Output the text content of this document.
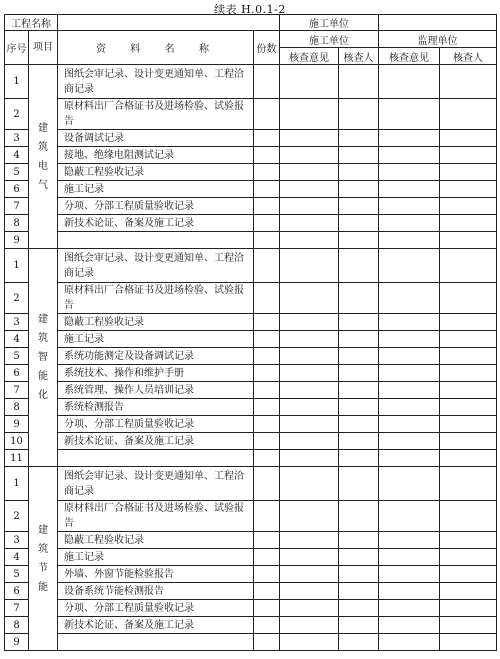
续表 H.0.1-2
工程名称				施工单位			
序号	项目	资  料  名  称	份数	施工单位		监理单位	
				核查意见	核查人	核查意见	核查人
1	建筑电气	图纸会审记录、设计变更通知单、工程洽商记录					
2		原材料出厂合格证书及进场检验、试验报告					
3		设备调试记录					
4		接地、绝缘电阻测试记录					
5		隐蔽工程验收记录					
6		施工记录					
7		分项、分部工程质量验收记录					
8		新技术论证、备案及施工记录					
9							
1	建筑智能化	图纸会审记录、设计变更通知单、工程洽商记录					
2		原材料出厂合格证书及进场检验、试验报告					
3		隐蔽工程验收记录					
4		施工记录					
5		系统功能测定及设备调试记录					
6		系统技术、操作和维护手册					
7		系统管理、操作人员培训记录					
8		系统检测报告					
9		分项、分部工程质量验收记录					
10		新技术论证、备案及施工记录					
11							
1	建筑节能	图纸会审记录、设计变更通知单、工程洽商记录					
2		原材料出厂合格证书及进场检验、试验报告					
3		隐蔽工程验收记录					
4		施工记录					
5		外墙、外窗节能检验报告					
6		设备系统节能检测报告					
7		分项、分部工程质量验收记录					
8		新技术论证、备案及施工记录					
9							
